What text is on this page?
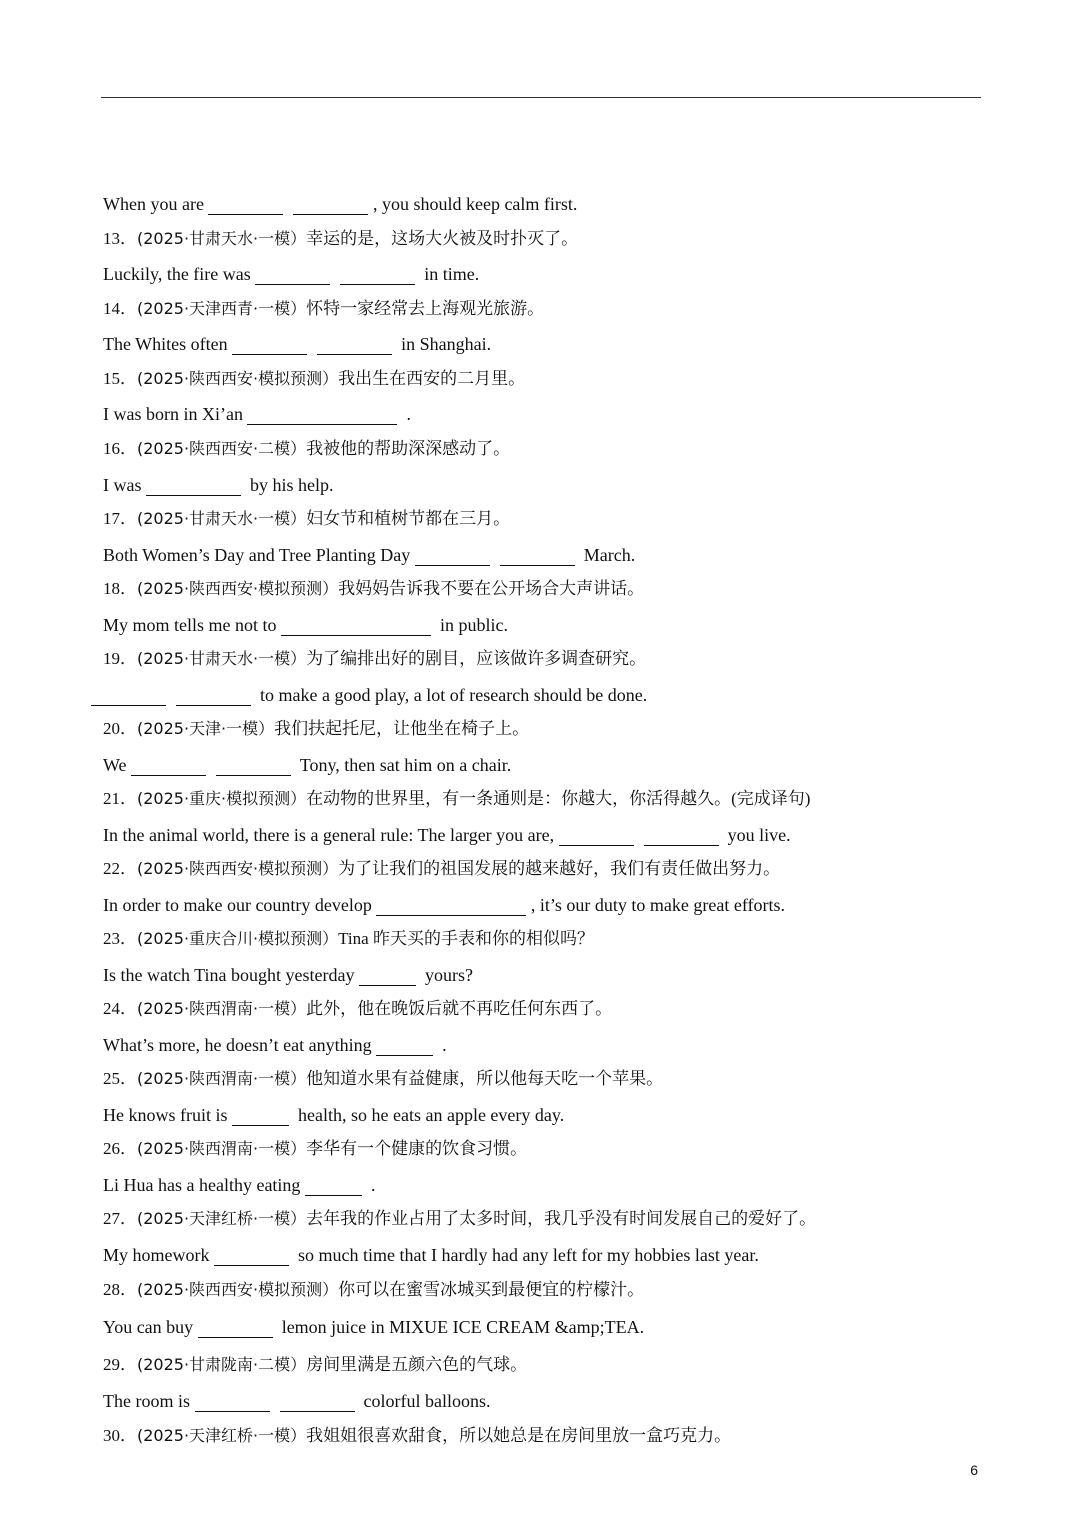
When you are	, you should keep calm first.
13．(2025·甘肃天水·一模）幸运的是，这场大火被及时扑灭了。
Luckily, the fire was	in time.
14．(2025·天津西青·一模）怀特一家经常去上海观光旅游。
The Whites often	in Shanghai.
15．(2025·陕西西安·模拟预测）我出生在西安的二月里。
I was born in Xi’an	.
16．(2025·陕西西安·二模）我被他的帮助深深感动了。
I was	by his help.
17．(2025·甘肃天水·一模）妇女节和植树节都在三月。
Both Women’s Day and Tree Planting Day	March.
18．(2025·陕西西安·模拟预测）我妈妈告诉我不要在公开场合大声讲话。
My mom tells me not to	in public.
19．(2025·甘肃天水·一模）为了编排出好的剧目，应该做许多调查研究。
to make a good play, a lot of research should be done.
20．(2025·天津·一模）我们扶起托尼，让他坐在椅子上。
We	Tony, then sat him on a chair.
21．(2025·重庆·模拟预测）在动物的世界里，有一条通则是：你越大，你活得越久。(完成译句)
In the animal world, there is a general rule: The larger you are,	you live.
22．(2025·陕西西安·模拟预测）为了让我们的祖国发展的越来越好，我们有责任做出努力。
In order to make our country develop	, it’s our duty to make great efforts.
23．(2025·重庆合川·模拟预测）Tina 昨天买的手表和你的相似吗？
Is the watch Tina bought yesterday	yours?
24．(2025·陕西渭南·一模）此外，他在晚饭后就不再吃任何东西了。
What’s more, he doesn’t eat anything	.
25．(2025·陕西渭南·一模）他知道水果有益健康，所以他每天吃一个苹果。
He knows fruit is	health, so he eats an apple every day.
26．(2025·陕西渭南·一模）李华有一个健康的饮食习惯。
Li Hua has a healthy eating	.
27．(2025·天津红桥·一模）去年我的作业占用了太多时间，我几乎没有时间发展自己的爱好了。
My homework	so much time that I hardly had any left for my hobbies last year.
28．(2025·陕西西安·模拟预测）你可以在蜜雪冰城买到最便宜的柠檬汁。
You can buy	lemon juice in MIXUE ICE CREAM &amp;TEA.
29．(2025·甘肃陇南·二模）房间里满是五颜六色的气球。
The room is	colorful balloons.
30．(2025·天津红桥·一模）我姐姐很喜欢甜食，所以她总是在房间里放一盒巧克力。
6
